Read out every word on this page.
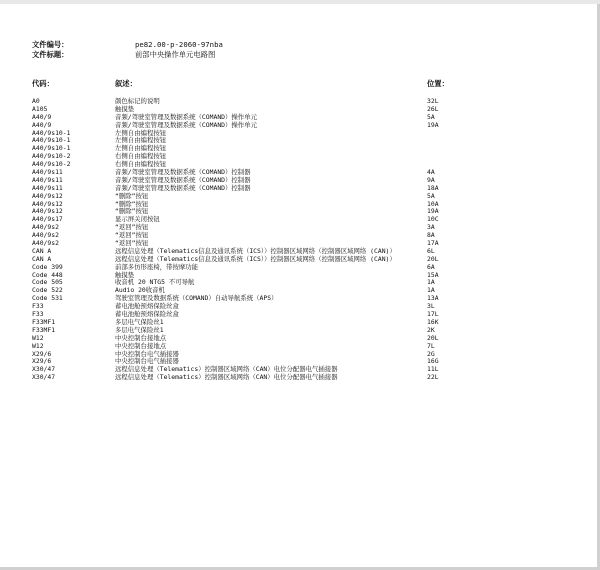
文件编号：	pe82.00-p-2060-97nba
文件标题：	前部中央操作单元电路图
代码：	叙述：	位置：
A0	颜色标记的说明	32L
A105	触摸垫	26L
A40/9	音频/驾驶室管理及数据系统（COMAND）操作单元	5A
A40/9	音频/驾驶室管理及数据系统（COMAND）操作单元	19A
A40/9s10-1	左侧自由编程按钮
A40/9s10-1	左侧自由编程按钮
A40/9s10-1	左侧自由编程按钮
A40/9s10-2	右侧自由编程按钮
A40/9s10-2	右侧自由编程按钮
A40/9s11	音频/驾驶室管理及数据系统（COMAND）控制器	4A
A40/9s11	音频/驾驶室管理及数据系统（COMAND）控制器	9A
A40/9s11	音频/驾驶室管理及数据系统（COMAND）控制器	18A
A40/9s12	“删除”按钮	5A
A40/9s12	“删除”按钮	10A
A40/9s12	“删除”按钮	19A
A40/9s17	显示屏关闭按钮	10C
A40/9s2	“返回”按钮	3A
A40/9s2	“返回”按钮	8A
A40/9s2	“返回”按钮	17A
CAN A	远程信息处理（Telematics信息及通讯系统（ICS））控制器区域网络（控制器区域网络 (CAN)）	6L
CAN A	远程信息处理（Telematics信息及通讯系统（ICS））控制器区域网络（控制器区域网络 (CAN)）	20L
Code 399	前部多仿形座椅，带按摩功能	6A
Code 448	触摸垫	15A
Code 505	收音机 20 NTG5 不可导航	1A
Code 522	Audio 20收音机	1A
Code 531	驾驶室管理及数据系统（COMAND）自动导航系统（APS）	13A
F33	蓄电池舱预熔保险丝盒	3L
F33	蓄电池舱预熔保险丝盒	17L
F33MF1	多层电气保险丝1	16K
F33MF1	多层电气保险丝1	2K
W12	中央控制台接地点	20L
W12	中央控制台接地点	7L
X29/6	中央控制台电气插接器	2G
X29/6	中央控制台电气插接器	16G
X30/47	远程信息处理（Telematics）控制器区域网络（CAN）电位分配器电气插接器	11L
X30/47	远程信息处理（Telematics）控制器区域网络（CAN）电位分配器电气插接器	22L
